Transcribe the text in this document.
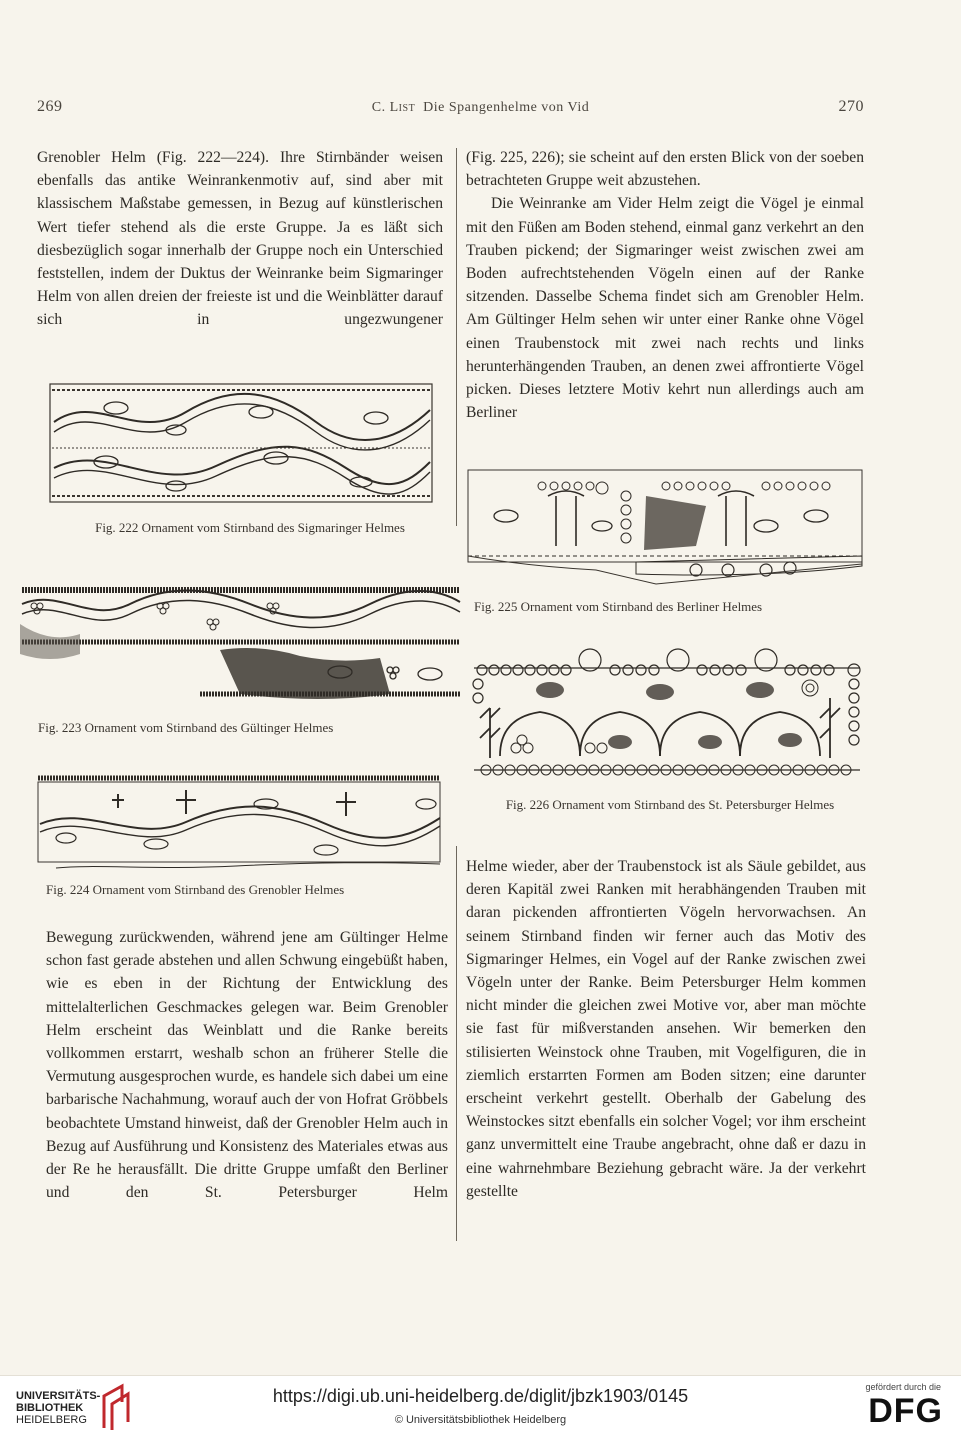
269	C. List Die Spangenhelme von Vid	270

Grenobler Helm (Fig. 222—224). Ihre Stirnbänder weisen ebenfalls das antike Weinrankenmotiv auf, sind aber mit klassischem Maßstabe gemessen, in Bezug auf künstlerischen Wert tiefer stehend als die erste Gruppe. Ja es läßt sich diesbezüglich sogar innerhalb der Gruppe noch ein Unterschied feststellen, indem der Duktus der Weinranke beim Sigmaringer Helm von allen dreien der freieste ist und die Weinblätter darauf sich in ungezwungener

Fig. 222 Ornament vom Stirnband des Sigmaringer Helmes
Fig. 223 Ornament vom Stirnband des Gültinger Helmes
Fig. 224 Ornament vom Stirnband des Grenobler Helmes

Bewegung zurückwenden, während jene am Gültinger Helme schon fast gerade abstehen und allen Schwung eingebüßt haben, wie es eben in der Richtung der Entwicklung des mittelalterlichen Geschmackes gelegen war. Beim Grenobler Helm erscheint das Weinblatt und die Ranke bereits vollkommen erstarrt, weshalb schon an früherer Stelle die Vermutung ausgesprochen wurde, es handele sich dabei um eine barbarische Nachahmung, worauf auch der von Hofrat Gröbbels beobachtete Umstand hinweist, daß der Grenobler Helm auch in Bezug auf Ausführung und Konsistenz des Materiales etwas aus der Re he herausfällt. Die dritte Gruppe umfaßt den Berliner und den St. Petersburger Helm

(Fig. 225, 226); sie scheint auf den ersten Blick von der soeben betrachteten Gruppe weit abzustehen.

Die Weinranke am Vider Helm zeigt die Vögel je einmal mit den Füßen am Boden stehend, einmal ganz verkehrt an den Trauben pickend; der Sigmaringer weist zwischen zwei am Boden aufrechtstehenden Vögeln einen auf der Ranke sitzenden. Dasselbe Schema findet sich am Grenobler Helm. Am Gültinger Helm sehen wir unter einer Ranke ohne Vögel einen Traubenstock mit zwei nach rechts und links herunterhängenden Trauben, an denen zwei affrontierte Vögel picken. Dieses letztere Motiv kehrt nun allerdings auch am Berliner

Fig. 225 Ornament vom Stirnband des Berliner Helmes
Fig. 226 Ornament vom Stirnband des St. Petersburger Helmes

Helme wieder, aber der Traubenstock ist als Säule gebildet, aus deren Kapitäl zwei Ranken mit herabhängenden Trauben mit daran pickenden affrontierten Vögeln hervorwachsen. An seinem Stirnband finden wir ferner auch das Motiv des Sigmaringer Helmes, ein Vogel auf der Ranke zwischen zwei Vögeln unter der Ranke. Beim Petersburger Helm kommen nicht minder die gleichen zwei Motive vor, aber man möchte sie fast für mißverstanden ansehen. Wir bemerken den stilisierten Weinstock ohne Trauben, mit Vogelfiguren, die in ziemlich erstarrten Formen am Boden sitzen; eine darunter erscheint verkehrt gestellt. Oberhalb der Gabelung des Weinstockes sitzt ebenfalls ein solcher Vogel; vor ihm erscheint ganz unvermittelt eine Traube angebracht, ohne daß er dazu in eine wahrnehmbare Beziehung gebracht wäre. Ja der verkehrt gestellte

UNIVERSITÄTS-
BIBLIOTHEK
HEIDELBERG
https://digi.ub.uni-heidelberg.de/diglit/jbzk1903/0145
© Universitätsbibliothek Heidelberg
gefördert durch die
DFG
